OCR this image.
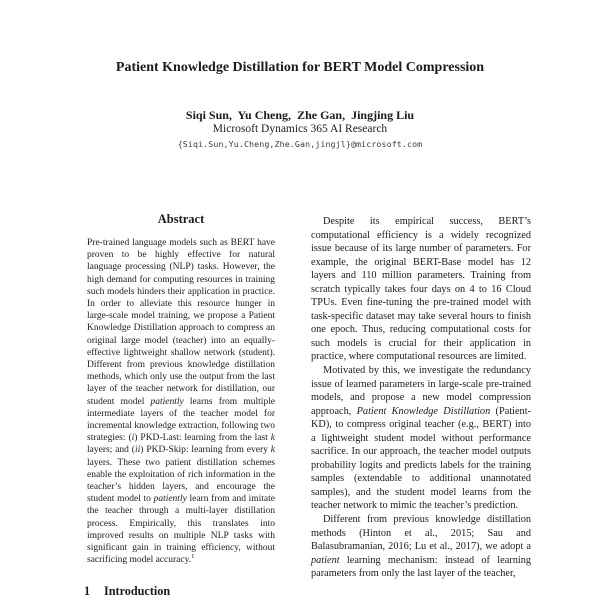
Patient Knowledge Distillation for BERT Model Compression
Siqi Sun,  Yu Cheng,  Zhe Gan,  Jingjing Liu
Microsoft Dynamics 365 AI Research
{Siqi.Sun,Yu.Cheng,Zhe.Gan,jingjl}@microsoft.com
Abstract
Pre-trained language models such as BERT have proven to be highly effective for natural language processing (NLP) tasks. However, the high demand for computing resources in training such models hinders their application in practice. In order to alleviate this resource hunger in large-scale model training, we propose a Patient Knowledge Distillation approach to compress an original large model (teacher) into an equally-effective lightweight shallow network (student). Different from previous knowledge distillation methods, which only use the output from the last layer of the teacher network for distillation, our student model patiently learns from multiple intermediate layers of the teacher model for incremental knowledge extraction, following two strategies: (i) PKD-Last: learning from the last k layers; and (ii) PKD-Skip: learning from every k layers. These two patient distillation schemes enable the exploitation of rich information in the teacher’s hidden layers, and encourage the student model to patiently learn from and imitate the teacher through a multi-layer distillation process. Empirically, this translates into improved results on multiple NLP tasks with significant gain in training efficiency, without sacrificing model accuracy.$^1$
1 Introduction

Despite its empirical success, BERT’s computational efficiency is a widely recognized issue because of its large number of parameters. For example, the original BERT-Base model has 12 layers and 110 million parameters. Training from scratch typically takes four days on 4 to 16 Cloud TPUs. Even fine-tuning the pre-trained model with task-specific dataset may take several hours to finish one epoch. Thus, reducing computational costs for such models is crucial for their application in practice, where computational resources are limited.

Motivated by this, we investigate the redundancy issue of learned parameters in large-scale pre-trained models, and propose a new model compression approach, Patient Knowledge Distillation (Patient-KD), to compress original teacher (e.g., BERT) into a lightweight student model without performance sacrifice. In our approach, the teacher model outputs probability logits and predicts labels for the training samples (extendable to additional unannotated samples), and the student model learns from the teacher network to mimic the teacher’s prediction.

Different from previous knowledge distillation methods (Hinton et al., 2015; Sau and Balasubramanian, 2016; Lu et al., 2017), we adopt a patient learning mechanism: instead of learning parameters from only the last layer of the teacher,
